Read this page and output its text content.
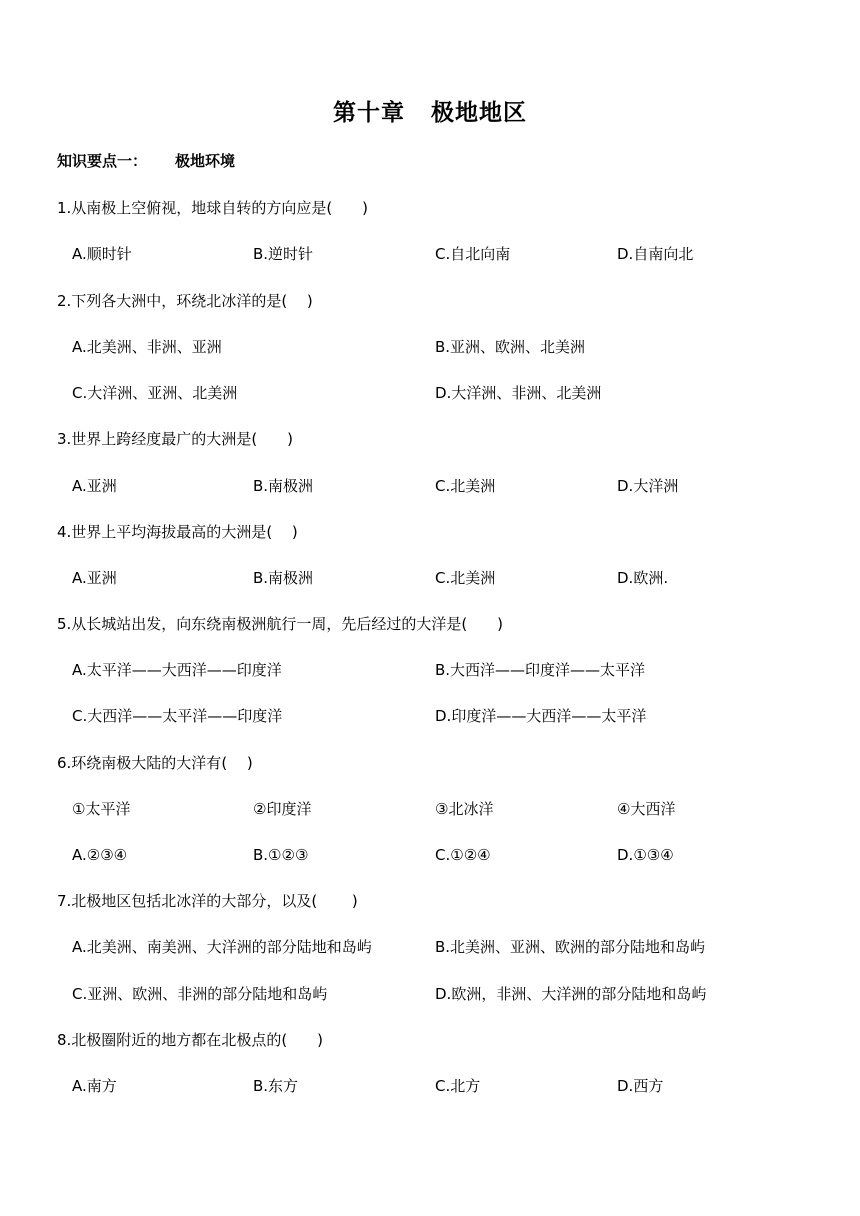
第十章 极地地区
知识要点一： 极地环境
1.从南极上空俯视，地球自转的方向应是(　　)
A.顺时针	B.逆时针	C.自北向南	D.自南向北
2.下列各大洲中，环绕北冰洋的是(　 )
A.北美洲、非洲、亚洲	B.亚洲、欧洲、北美洲
C.大洋洲、亚洲、北美洲	D.大洋洲、非洲、北美洲
3.世界上跨经度最广的大洲是(　　)
A.亚洲	B.南极洲	C.北美洲	D.大洋洲
4.世界上平均海拔最高的大洲是(　 )
A.亚洲	B.南极洲	C.北美洲	D.欧洲.
5.从长城站出发，向东绕南极洲航行一周，先后经过的大洋是(　　)
A.太平洋——大西洋——印度洋	B.大西洋——印度洋——太平洋
C.大西洋——太平洋——印度洋	D.印度洋——大西洋——太平洋
6.环绕南极大陆的大洋有(　 )
①太平洋	②印度洋	③北冰洋	④大西洋
A.②③④	B.①②③	C.①②④	D.①③④
7.北极地区包括北冰洋的大部分，以及(　　 )
A.北美洲、南美洲、大洋洲的部分陆地和岛屿	B.北美洲、亚洲、欧洲的部分陆地和岛屿
C.亚洲、欧洲、非洲的部分陆地和岛屿	D.欧洲，非洲、大洋洲的部分陆地和岛屿
8.北极圈附近的地方都在北极点的(　　)
A.南方	B.东方	C.北方	D.西方
